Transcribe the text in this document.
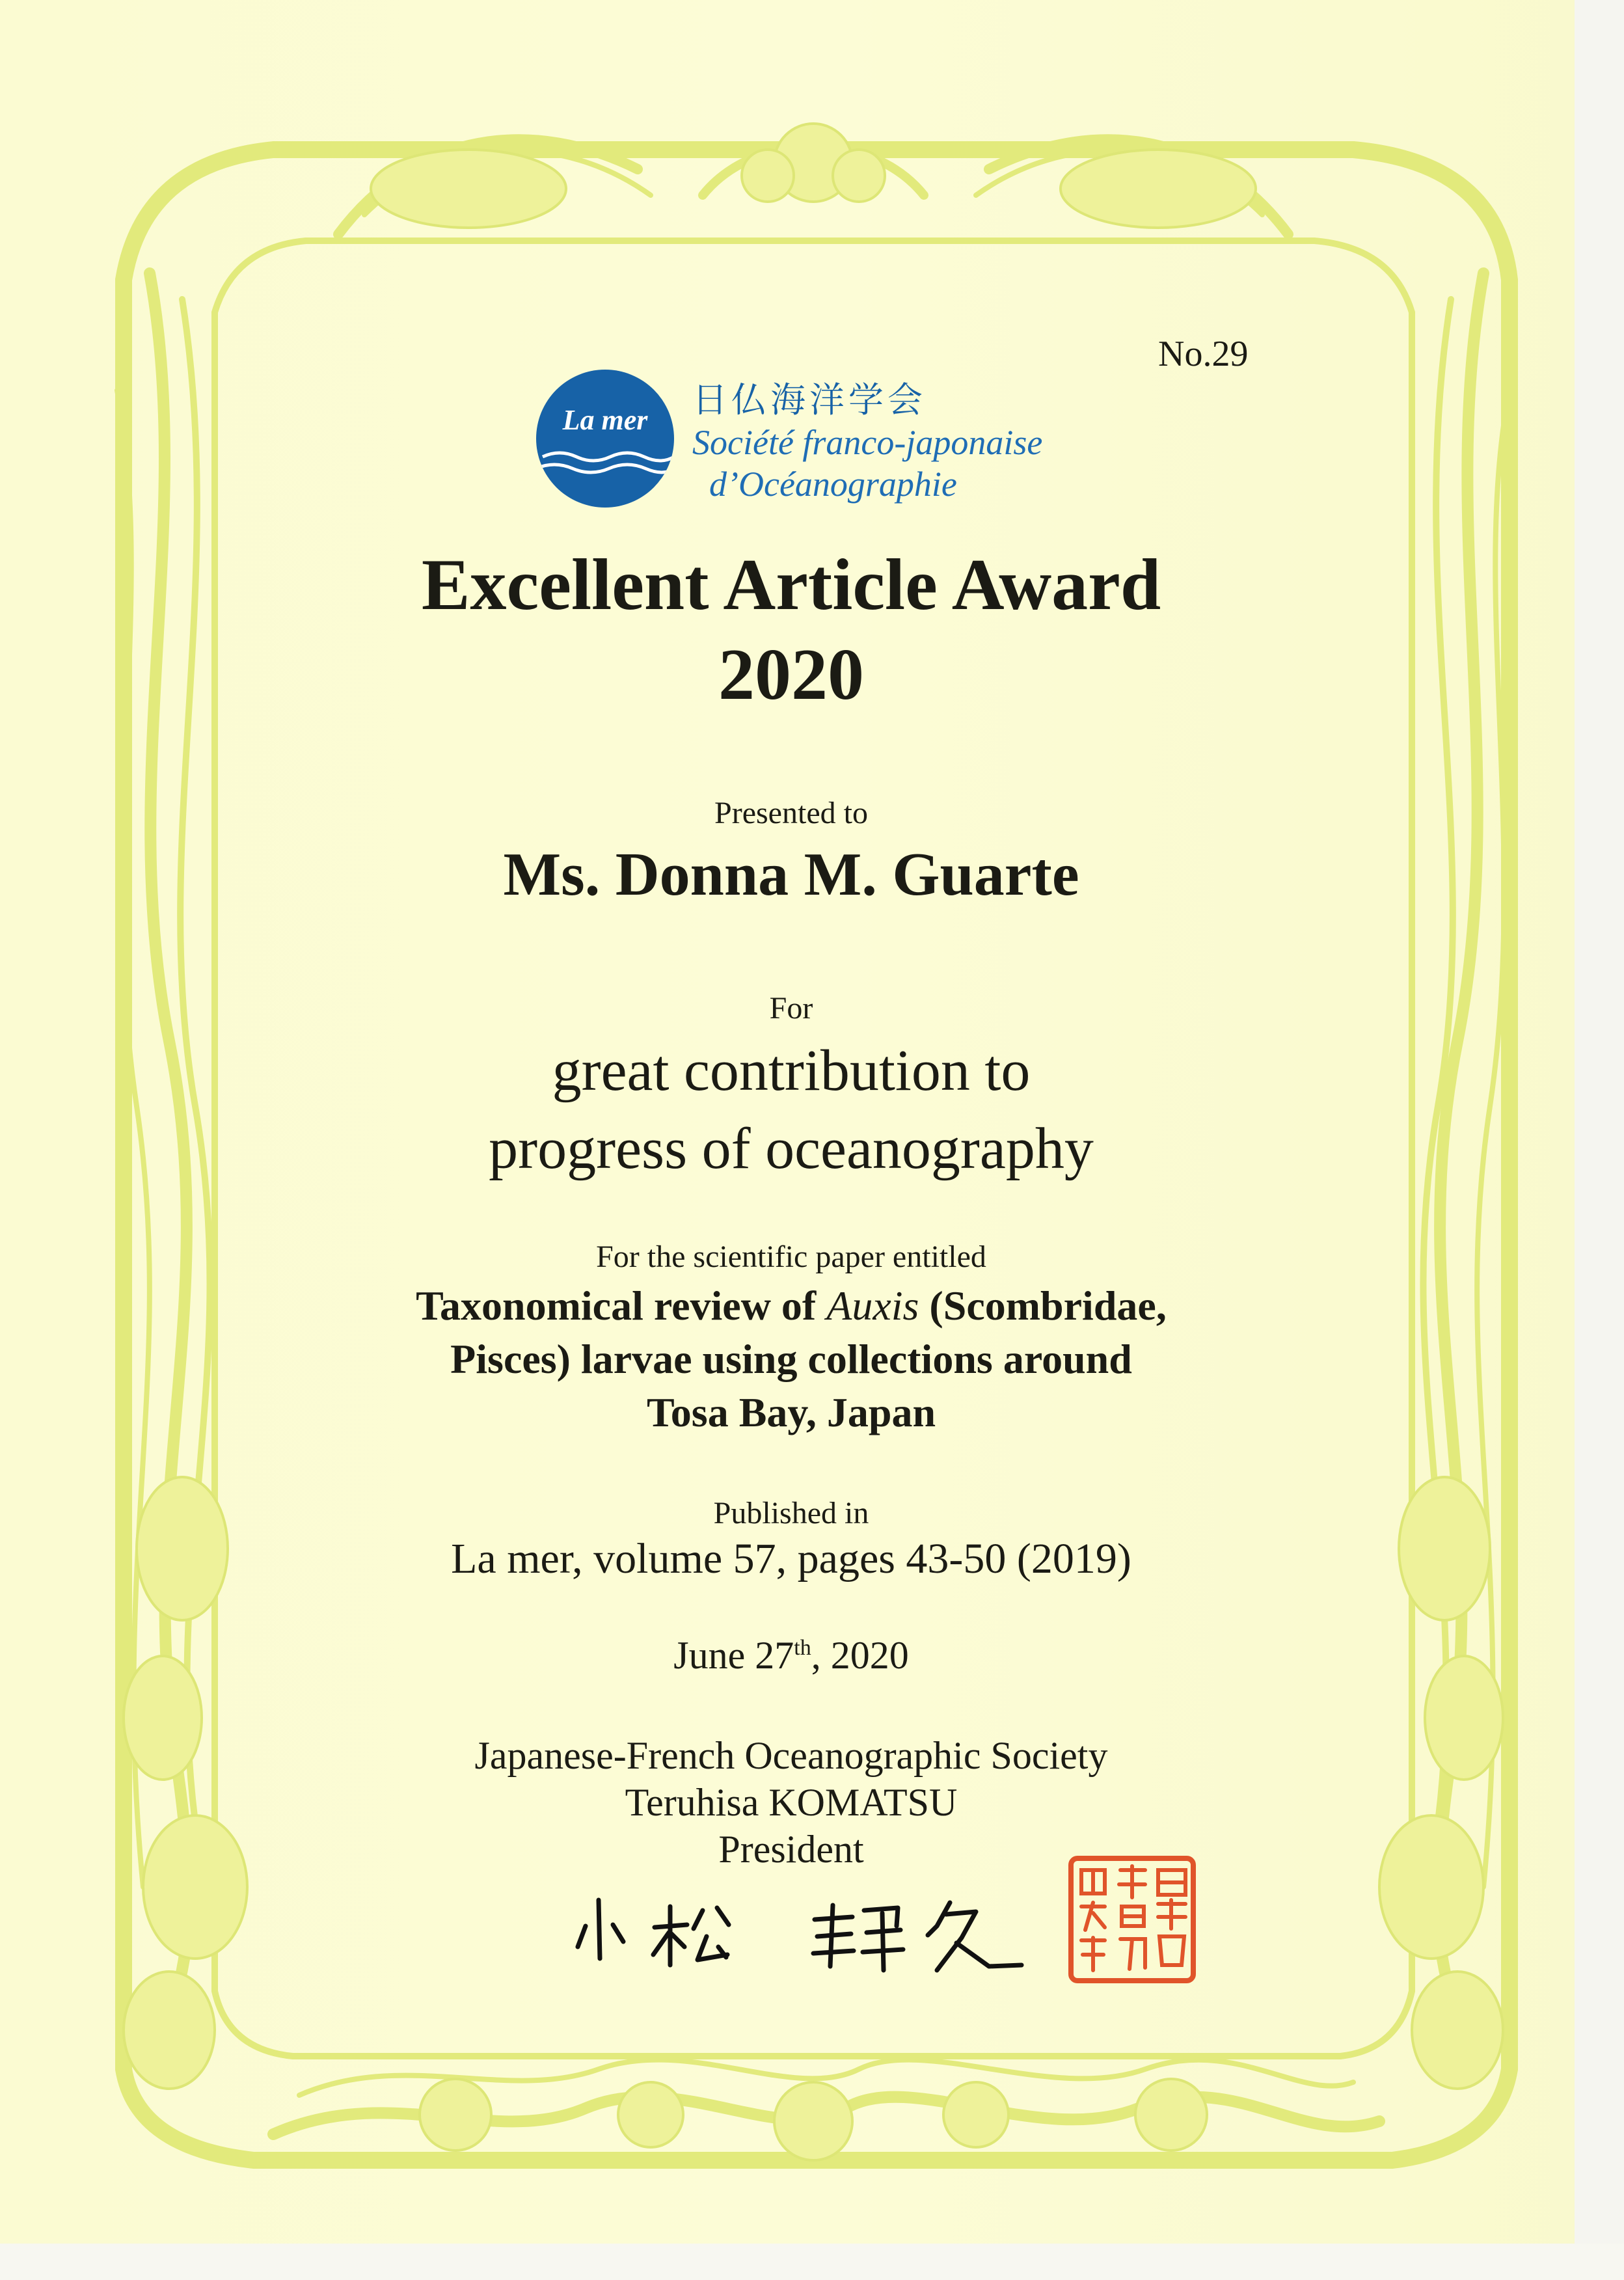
No.29
La mer	日仏海洋学会
Société franco-japonaise
d’Océanographie
Excellent Article Award
2020
Presented to
Ms. Donna M. Guarte
For
great contribution to
progress of oceanography
For the scientific paper entitled
Taxonomical review of Auxis (Scombridae,
Pisces) larvae using collections around
Tosa Bay, Japan
Published in
La mer, volume 57, pages 43-50 (2019)
June 27th, 2020
Japanese-French Oceanographic Society
Teruhisa KOMATSU
President
